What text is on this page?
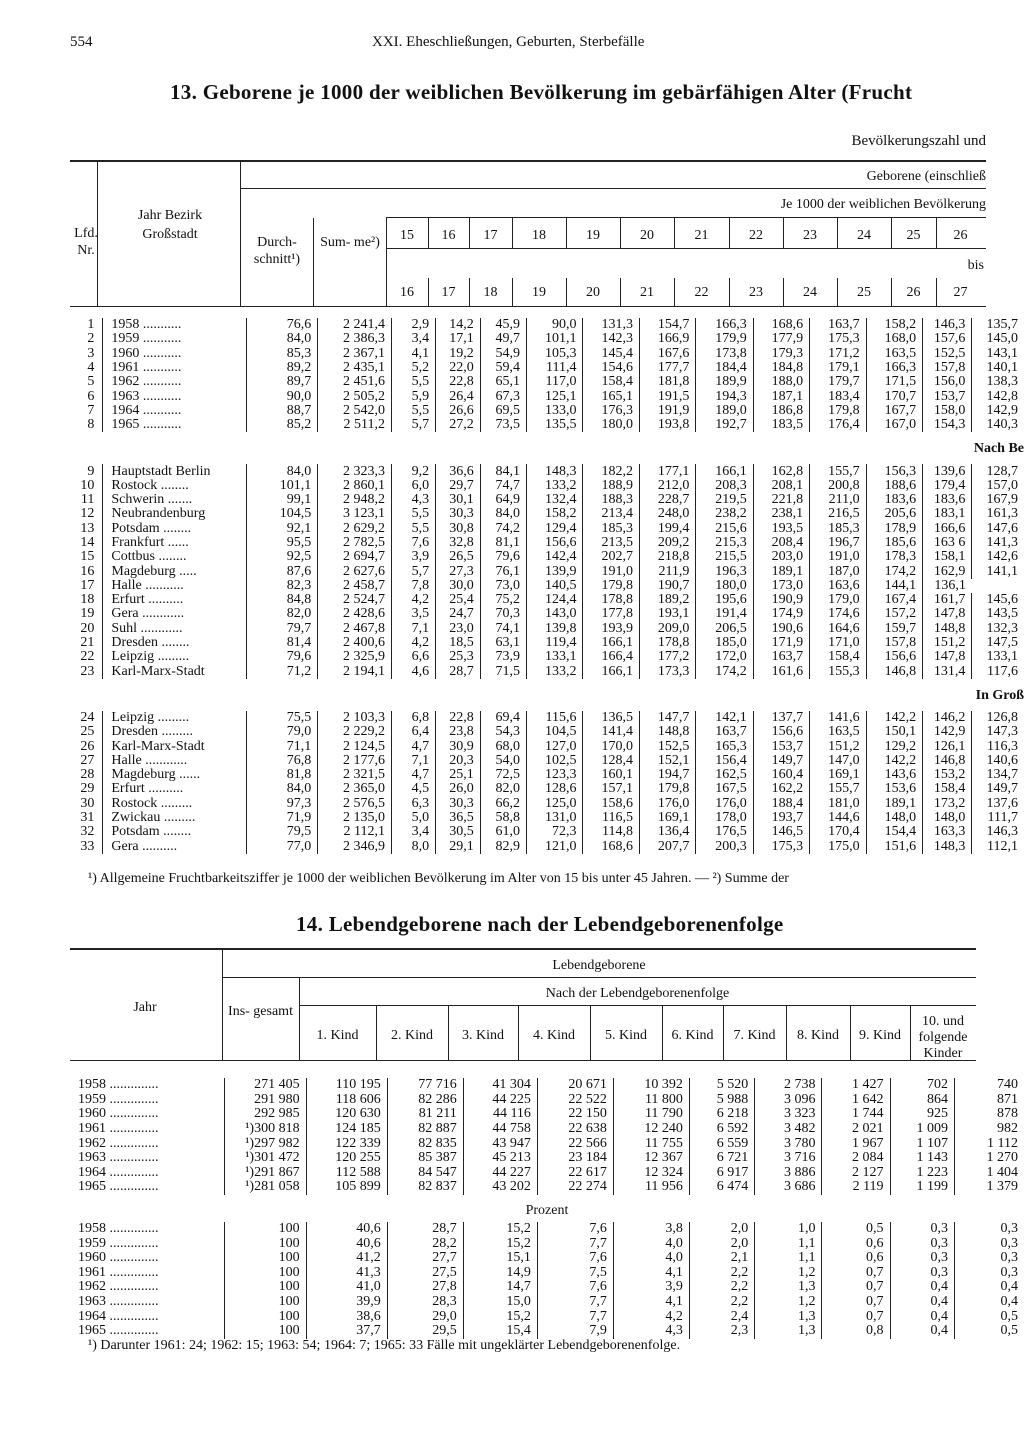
554	XXI. Eheschließungen, Geburten, Sterbefälle
13. Geborene je 1000 der weiblichen Bevölkerung im gebärfähigen Alter (Frucht
Bevölkerungszahl und
Lfd. Nr.
Jahr Bezirk Großstadt
Durch- schnitt¹)
Sum- me²)
Geborene (einschließ
Je 1000 der weiblichen Bevölkerung
bis
15	16	17	18	19	20	21	22	23	24	25	26
16	17	18	19	20	21	22	23	24	25	26	27
1	1958 ...........	76,6	2 241,4	2,9	14,2	45,9	90,0	131,3	154,7	166,3	168,6	163,7	158,2	146,3	135,7
2	1959 ...........	84,0	2 386,3	3,4	17,1	49,7	101,1	142,3	166,9	179,9	177,9	175,3	168,0	157,6	145,0
3	1960 ...........	85,3	2 367,1	4,1	19,2	54,9	105,3	145,4	167,6	173,8	179,3	171,2	163,5	152,5	143,1
4	1961 ...........	89,2	2 435,1	5,2	22,0	59,4	111,4	154,6	177,7	184,4	184,8	179,1	166,3	157,8	140,1
5	1962 ...........	89,7	2 451,6	5,5	22,8	65,1	117,0	158,4	181,8	189,9	188,0	179,7	171,5	156,0	138,3
6	1963 ...........	90,0	2 505,2	5,9	26,4	67,3	125,1	165,1	191,5	194,3	187,1	183,4	170,7	153,7	142,8
7	1964 ...........	88,7	2 542,0	5,5	26,6	69,5	133,0	176,3	191,9	189,0	186,8	179,8	167,7	158,0	142,9
8	1965 ...........	85,2	2 511,2	5,7	27,2	73,5	135,5	180,0	193,8	192,7	183,5	176,4	167,0	154,3	140,3
Nach Be															
9	Hauptstadt Berlin	84,0	2 323,3	9,2	36,6	84,1	148,3	182,2	177,1	166,1	162,8	155,7	156,3	139,6	128,7
10	Rostock ........	101,1	2 860,1	6,0	29,7	74,7	133,2	188,9	212,0	208,3	208,1	200,8	188,6	179,4	157,0
11	Schwerin .......	99,1	2 948,2	4,3	30,1	64,9	132,4	188,3	228,7	219,5	221,8	211,0	183,6	183,6	167,9
12	Neubrandenburg	104,5	3 123,1	5,5	30,3	84,0	158,2	213,4	248,0	238,2	238,1	216,5	205,6	183,1	161,3
13	Potsdam ........	92,1	2 629,2	5,5	30,8	74,2	129,4	185,3	199,4	215,6	193,5	185,3	178,9	166,6	147,6
14	Frankfurt ......	95,5	2 782,5	7,6	32,8	81,1	156,6	213,5	209,2	215,3	208,4	196,7	185,6	163 6	141,3
15	Cottbus ........	92,5	2 694,7	3,9	26,5	79,6	142,4	202,7	218,8	215,5	203,0	191,0	178,3	158,1	142,6
16	Magdeburg .....	87,6	2 627,6	5,7	27,3	76,1	139,9	191,0	211,9	196,3	189,1	187,0	174,2	162,9	141,1
17	Halle ...........	82,3	2 458,7	7,8	30,0	73,0	140,5	179,8	190,7	180,0	173,0	163,6	144,1	136,1	
18	Erfurt ..........	84,8	2 524,7	4,2	25,4	75,2	124,4	178,8	189,2	195,6	190,9	179,0	167,4	161,7	145,6
19	Gera ............	82,0	2 428,6	3,5	24,7	70,3	143,0	177,8	193,1	191,4	174,9	174,6	157,2	147,8	143,5
20	Suhl ............	79,7	2 467,8	7,1	23,0	74,1	139,8	193,9	209,0	206,5	190,6	164,6	159,7	148,8	132,3
21	Dresden ........	81,4	2 400,6	4,2	18,5	63,1	119,4	166,1	178,8	185,0	171,9	171,0	157,8	151,2	147,5
22	Leipzig .........	79,6	2 325,9	6,6	25,3	73,9	133,1	166,4	177,2	172,0	163,7	158,4	156,6	147,8	133,1
23	Karl-Marx-Stadt	71,2	2 194,1	4,6	28,7	71,5	133,2	166,1	173,3	174,2	161,6	155,3	146,8	131,4	117,6
In Groß															
24	Leipzig .........	75,5	2 103,3	6,8	22,8	69,4	115,6	136,5	147,7	142,1	137,7	141,6	142,2	146,2	126,8
25	Dresden .........	79,0	2 229,2	6,4	23,8	54,3	104,5	141,4	148,8	163,7	156,6	163,5	150,1	142,9	147,3
26	Karl-Marx-Stadt	71,1	2 124,5	4,7	30,9	68,0	127,0	170,0	152,5	165,3	153,7	151,2	129,2	126,1	116,3
27	Halle ............	76,8	2 177,6	7,1	20,3	54,0	102,5	128,4	152,1	156,4	149,7	147,0	142,2	146,8	140,6
28	Magdeburg ......	81,8	2 321,5	4,7	25,1	72,5	123,3	160,1	194,7	162,5	160,4	169,1	143,6	153,2	134,7
29	Erfurt ..........	84,0	2 365,0	4,5	26,0	82,0	128,6	157,1	179,8	167,5	162,2	155,7	153,6	158,4	149,7
30	Rostock .........	97,3	2 576,5	6,3	30,3	66,2	125,0	158,6	176,0	176,0	188,4	181,0	189,1	173,2	137,6
31	Zwickau .........	71,9	2 135,0	5,0	36,5	58,8	131,0	116,5	169,1	178,0	193,7	144,6	148,0	148,0	111,7
32	Potsdam ........	79,5	2 112,1	3,4	30,5	61,0	72,3	114,8	136,4	176,5	146,5	170,4	154,4	163,3	146,3
33	Gera ..........	77,0	2 346,9	8,0	29,1	82,9	121,0	168,6	207,7	200,3	175,3	175,0	151,6	148,3	112,1
¹) Allgemeine Fruchtbarkeitsziffer je 1000 der weiblichen Bevölkerung im Alter von 15 bis unter 45 Jahren. — ²) Summe der
14. Lebendgeborene nach der Lebendgeborenenfolge
Jahr
Lebendgeborene
Ins- gesamt
Nach der Lebendgeborenenfolge
1. Kind	2. Kind	3. Kind	4. Kind	5. Kind	6. Kind	7. Kind	8. Kind	9. Kind
10. und folgende Kinder
1958 ..............	271 405	110 195	77 716	41 304	20 671	10 392	5 520	2 738	1 427	702	740
1959 ..............	291 980	118 606	82 286	44 225	22 522	11 800	5 988	3 096	1 642	864	871
1960 ..............	292 985	120 630	81 211	44 116	22 150	11 790	6 218	3 323	1 744	925	878
1961 ..............	¹)300 818	124 185	82 887	44 758	22 638	12 240	6 592	3 482	2 021	1 009	982
1962 ..............	¹)297 982	122 339	82 835	43 947	22 566	11 755	6 559	3 780	1 967	1 107	1 112
1963 ..............	¹)301 472	120 255	85 387	45 213	23 184	12 367	6 721	3 716	2 084	1 143	1 270
1964 ..............	¹)291 867	112 588	84 547	44 227	22 617	12 324	6 917	3 886	2 127	1 223	1 404
1965 ..............	¹)281 058	105 899	82 837	43 202	22 274	11 956	6 474	3 686	2 119	1 199	1 379
Prozent											
1958 ..............	100	40,6	28,7	15,2	7,6	3,8	2,0	1,0	0,5	0,3	0,3
1959 ..............	100	40,6	28,2	15,2	7,7	4,0	2,0	1,1	0,6	0,3	0,3
1960 ..............	100	41,2	27,7	15,1	7,6	4,0	2,1	1,1	0,6	0,3	0,3
1961 ..............	100	41,3	27,5	14,9	7,5	4,1	2,2	1,2	0,7	0,3	0,3
1962 ..............	100	41,0	27,8	14,7	7,6	3,9	2,2	1,3	0,7	0,4	0,4
1963 ..............	100	39,9	28,3	15,0	7,7	4,1	2,2	1,2	0,7	0,4	0,4
1964 ..............	100	38,6	29,0	15,2	7,7	4,2	2,4	1,3	0,7	0,4	0,5
1965 ..............	100	37,7	29,5	15,4	7,9	4,3	2,3	1,3	0,8	0,4	0,5
¹) Darunter 1961: 24; 1962: 15; 1963: 54; 1964: 7; 1965: 33 Fälle mit ungeklärter Lebendgeborenenfolge.
